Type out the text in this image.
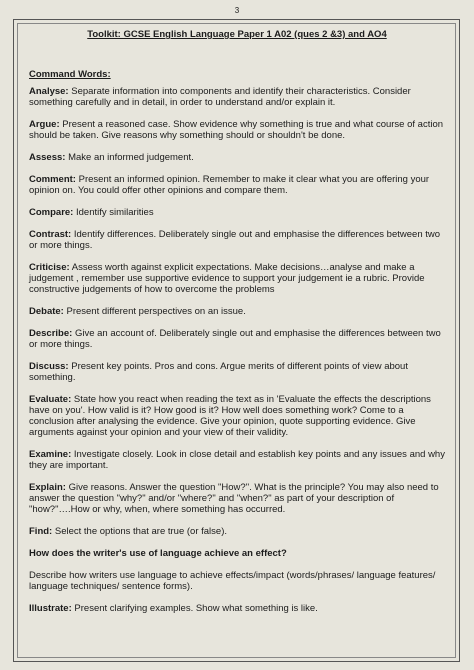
3
Toolkit: GCSE English Language Paper 1 A02 (ques 2 &3) and AO4
Command Words:

Analyse: Separate information into components and identify their characteristics. Consider something carefully and in detail, in order to understand and/or explain it.

Argue: Present a reasoned case. Show evidence why something is true and what course of action should be taken. Give reasons why something should or shouldn't be done.

Assess: Make an informed judgement.

Comment: Present an informed opinion. Remember to make it clear what you are offering your opinion on. You could offer other opinions and compare them.

Compare: Identify similarities

Contrast: Identify differences. Deliberately single out and emphasise the differences between two or more things.

Criticise: Assess worth against explicit expectations. Make decisions…analyse and make a judgement , remember use supportive evidence to support your judgement ie a rubric. Provide constructive judgements of how to overcome the problems

Debate: Present different perspectives on an issue.

Describe: Give an account of. Deliberately single out and emphasise the differences between two or more things.

Discuss: Present key points. Pros and cons. Argue merits of different points of view about something.

Evaluate: State how you react when reading the text as in 'Evaluate the effects the descriptions have on you'. How valid is it? How good is it? How well does something work? Come to a conclusion after analysing the evidence. Give your opinion, quote supporting evidence. Give arguments against your opinion and your view of their validity.

Examine: Investigate closely. Look in close detail and establish key points and any issues and why they are important.

Explain: Give reasons. Answer the question "How?". What is the principle? You may also need to answer the question "why?" and/or "where?" and "when?" as part of your description of "how?"….How or why, when, where something has occurred.

Find: Select the options that are true (or false).

How does the writer's use of language achieve an effect?

Describe how writers use language to achieve effects/impact (words/phrases/ language features/ language techniques/ sentence forms).

Illustrate: Present clarifying examples. Show what something is like.
